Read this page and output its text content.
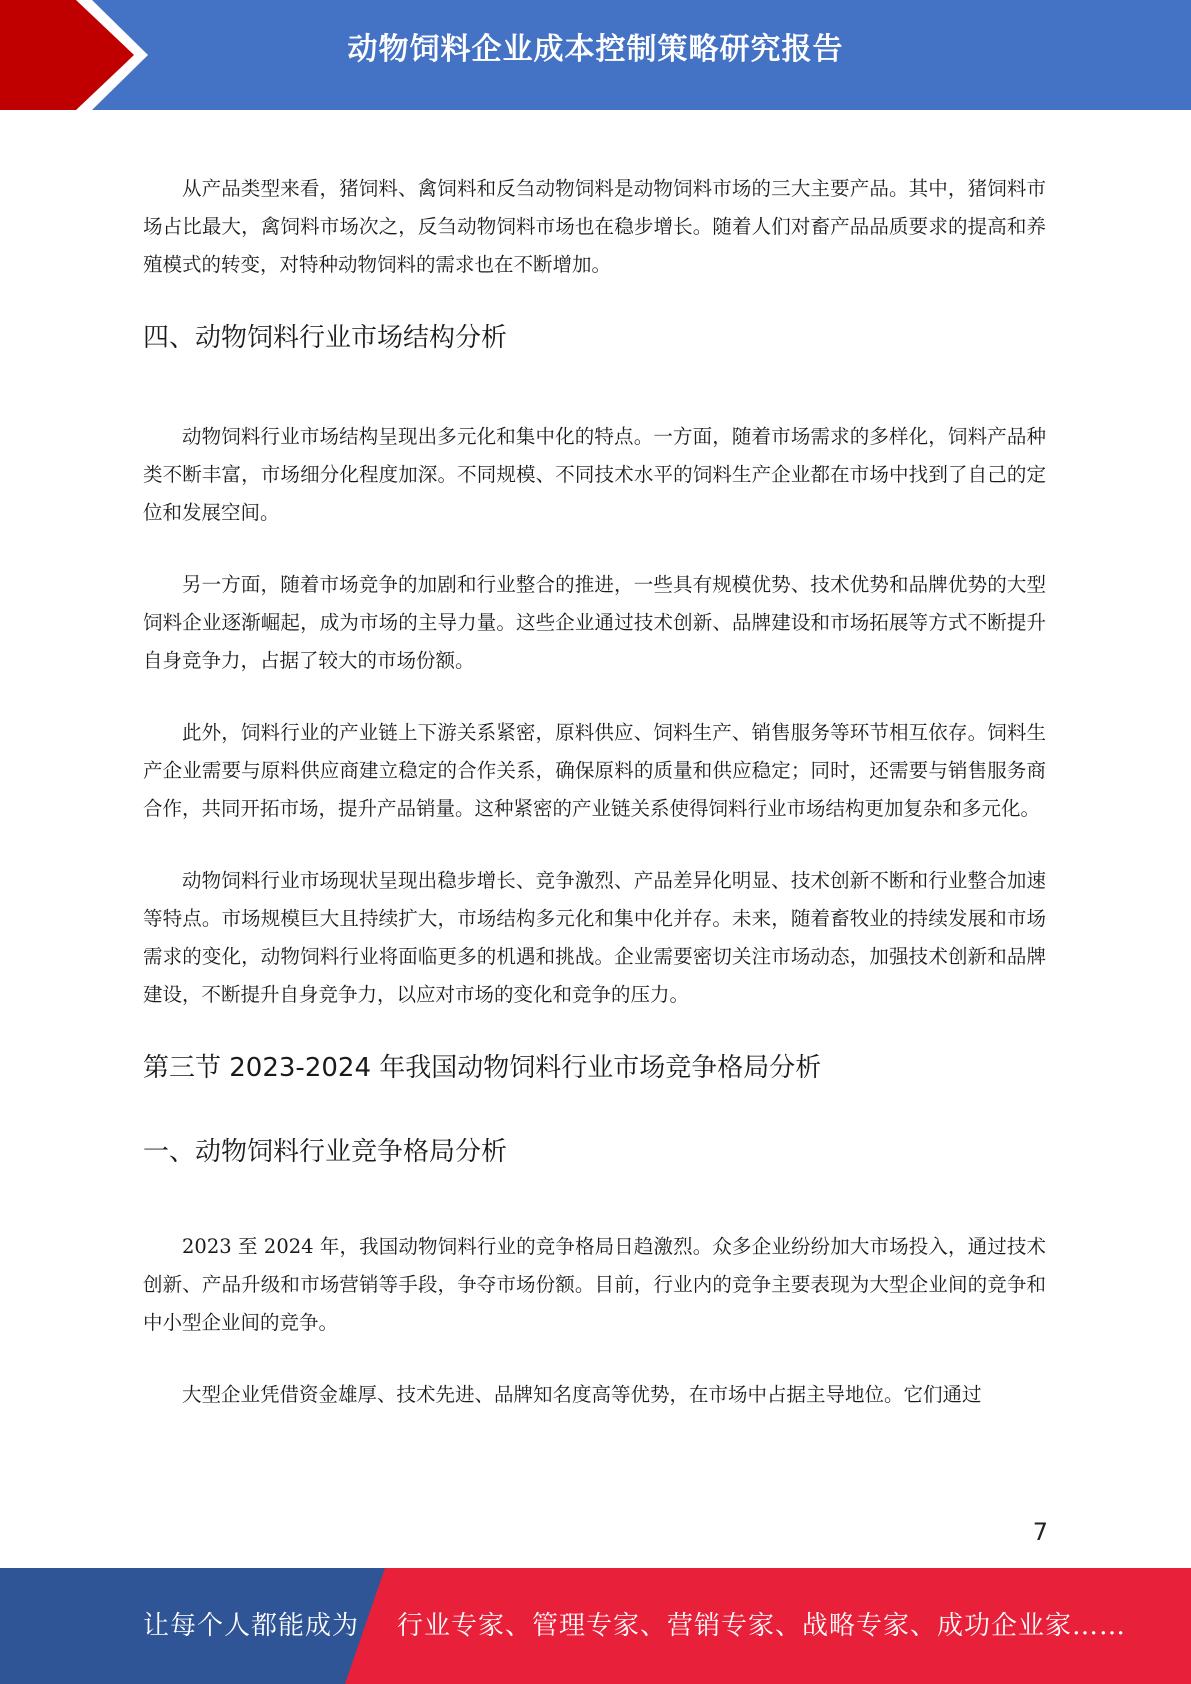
动物饲料企业成本控制策略研究报告

从产品类型来看，猪饲料、禽饲料和反刍动物饲料是动物饲料市场的三大主要产品。其中，猪饲料市场占比最大，禽饲料市场次之，反刍动物饲料市场也在稳步增长。随着人们对畜产品品质要求的提高和养殖模式的转变，对特种动物饲料的需求也在不断增加。

四、动物饲料行业市场结构分析

动物饲料行业市场结构呈现出多元化和集中化的特点。一方面，随着市场需求的多样化，饲料产品种类不断丰富，市场细分化程度加深。不同规模、不同技术水平的饲料生产企业都在市场中找到了自己的定位和发展空间。

另一方面，随着市场竞争的加剧和行业整合的推进，一些具有规模优势、技术优势和品牌优势的大型饲料企业逐渐崛起，成为市场的主导力量。这些企业通过技术创新、品牌建设和市场拓展等方式不断提升自身竞争力，占据了较大的市场份额。

此外，饲料行业的产业链上下游关系紧密，原料供应、饲料生产、销售服务等环节相互依存。饲料生产企业需要与原料供应商建立稳定的合作关系，确保原料的质量和供应稳定；同时，还需要与销售服务商合作，共同开拓市场，提升产品销量。这种紧密的产业链关系使得饲料行业市场结构更加复杂和多元化。

动物饲料行业市场现状呈现出稳步增长、竞争激烈、产品差异化明显、技术创新不断和行业整合加速等特点。市场规模巨大且持续扩大，市场结构多元化和集中化并存。未来，随着畜牧业的持续发展和市场需求的变化，动物饲料行业将面临更多的机遇和挑战。企业需要密切关注市场动态，加强技术创新和品牌建设，不断提升自身竞争力，以应对市场的变化和竞争的压力。

第三节 2023-2024 年我国动物饲料行业市场竞争格局分析
一、动物饲料行业竞争格局分析

2023 至 2024 年，我国动物饲料行业的竞争格局日趋激烈。众多企业纷纷加大市场投入，通过技术创新、产品升级和市场营销等手段，争夺市场份额。目前，行业内的竞争主要表现为大型企业间的竞争和中小型企业间的竞争。

大型企业凭借资金雄厚、技术先进、品牌知名度高等优势，在市场中占据主导地位。它们通过

7
让每个人都能成为 行业专家、管理专家、营销专家、战略专家、成功企业家……
